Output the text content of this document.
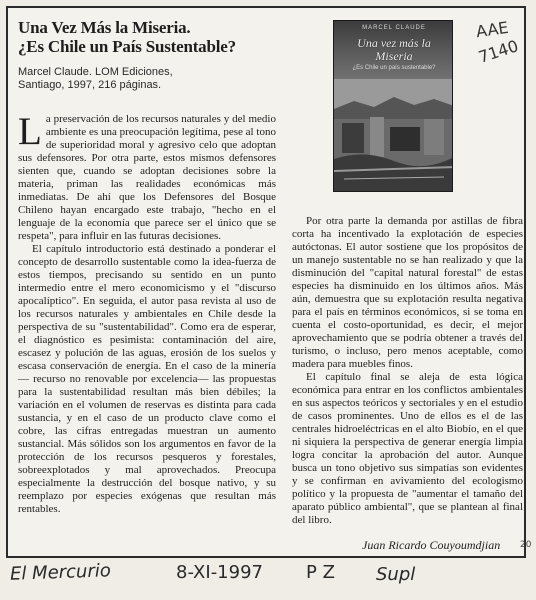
Una Vez Más la Miseria.
¿Es Chile un País Sustentable?
Marcel Claude. LOM Ediciones,
Santiago, 1997, 216 páginas.
MARCEL CLAUDE
Una vez más la Miseria
¿Es Chile un país sustentable?

La preservación de los recursos naturales y del medio ambiente es una preocupación legítima, pese al tono de superioridad moral y agresivo celo que adoptan sus defensores. Por otra parte, estos mismos defensores sienten que, cuando se adoptan decisiones sobre la materia, priman las realidades económicas más inmediatas. De ahí que los Defensores del Bosque Chileno hayan encargado este trabajo, "hecho en el lenguaje de la economía que parece ser el único que se respeta", para influir en las futuras decisiones.

El capítulo introductorio está destinado a ponderar el concepto de desarrollo sustentable como la idea-fuerza de estos tiempos, precisando su sentido en un punto intermedio entre el mero economicismo y el "discurso apocalíptico". En seguida, el autor pasa revista al uso de los recursos naturales y ambientales en Chile desde la perspectiva de su "sustentabilidad". Como era de esperar, el diagnóstico es pesimista: contaminación del aire, escasez y polución de las aguas, erosión de los suelos y escasa conservación de energía. En el caso de la minería — recurso no renovable por excelencia— las propuestas para la sustentabilidad resultan más bien débiles; la variación en el volumen de reservas es distinta para cada sustancia, y en el caso de un producto clave como el cobre, las cifras entregadas muestran un aumento sustancial. Más sólidos son los argumentos en favor de la protección de los recursos pesqueros y forestales, sobreexplotados y mal aprovechados. Preocupa especialmente la destrucción del bosque nativo, y su reemplazo por especies exógenas que resultan más rentables.

Por otra parte la demanda por astillas de fibra corta ha incentivado la explotación de especies autóctonas. El autor sostiene que los propósitos de un manejo sustentable no se han realizado y que la disminución del "capital natural forestal" de estas especies ha disminuido en los últimos años. Más aún, demuestra que su explotación resulta negativa para el país en términos económicos, si se toma en cuenta el costo-oportunidad, es decir, el mejor aprovechamiento que se podría obtener a través del turismo, o incluso, pero menos aceptable, como madera para muebles finos.

El capítulo final se aleja de esta lógica económica para entrar en los conflictos ambientales en sus aspectos teóricos y sectoriales y en el estudio de casos prominentes. Uno de ellos es el de las centrales hidroeléctricas en el alto Biobío, en el que ni siquiera la perspectiva de generar energía limpia logra concitar la aprobación del autor. Aunque busca un tono objetivo sus simpatías son evidentes y se confirman en avivamiento del ecologismo político y la propuesta de "aumentar el tamaño del aparato público ambiental", que se plantean al final del libro.

Juan Ricardo Couyoumdjian
AAE
7140
20
El Mercurio	8-XI-1997 P Z Supl
